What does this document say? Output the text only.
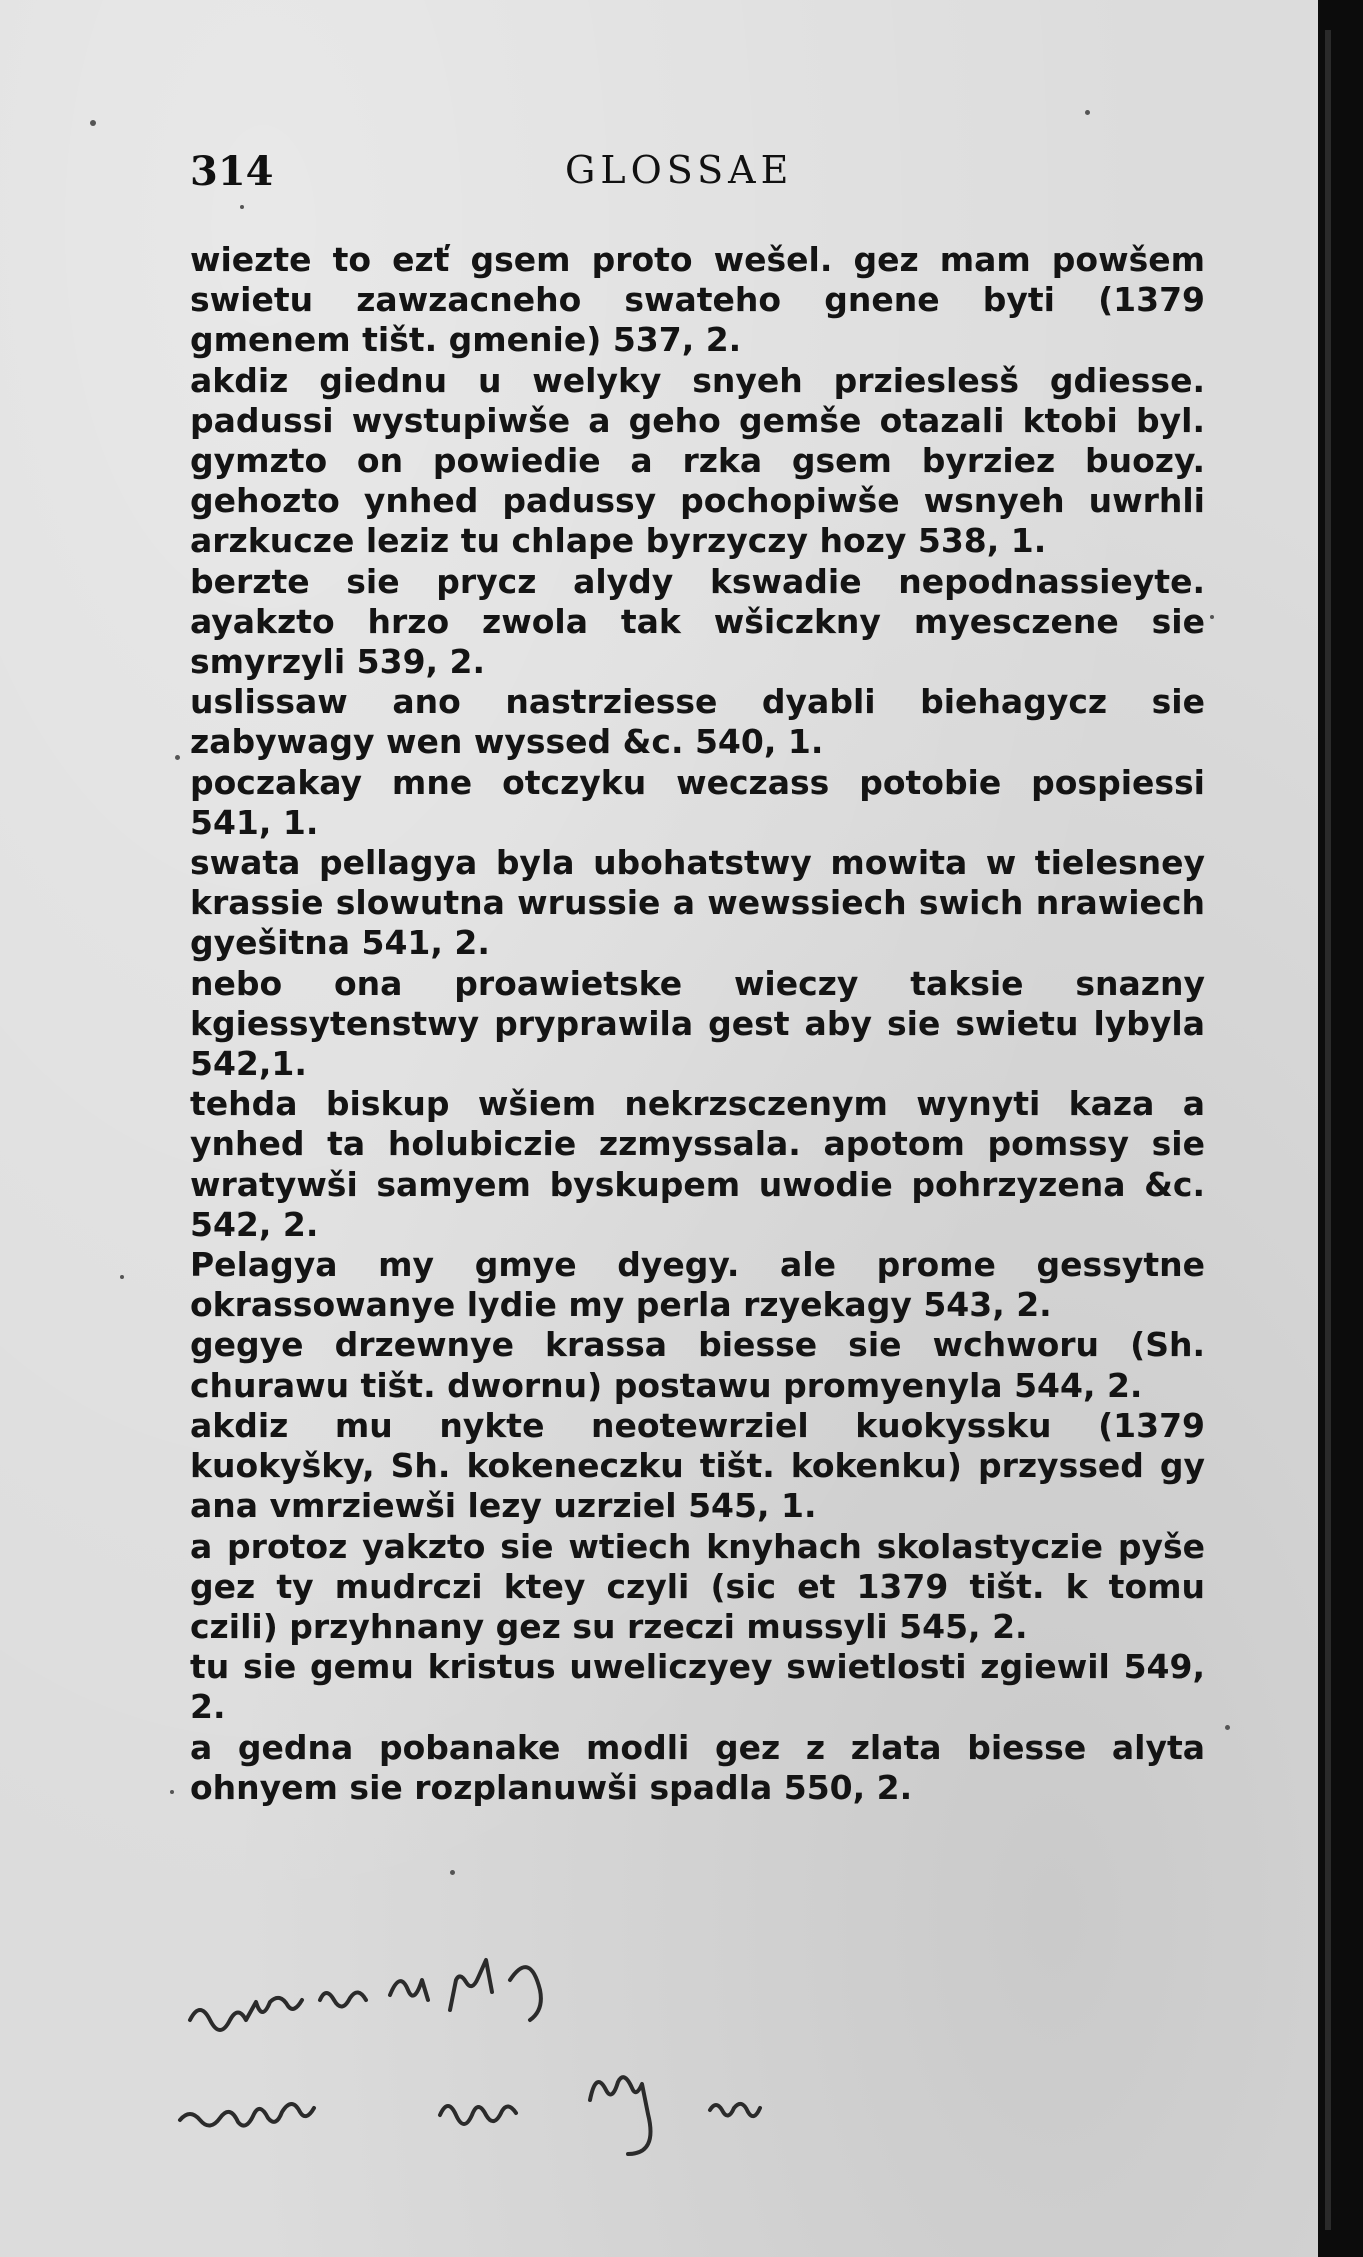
314	GLOSSAE

wiezte to ezť gsem proto wešel. gez mam powšem swietu zawzacneho swateho gnene byti (1379 gmenem tišt. gmenie) 537, 2.

akdiz giednu u welyky snyeh przieslesš gdiesse. padussi wystupiwše a geho gemše otazali ktobi byl. gymzto on powiedie a rzka gsem byrziez buozy. gehozto ynhed padussy pochopiwše wsnyeh uwrhli arzkucze leziz tu chlape byrzyczy hozy 538, 1.

berzte sie prycz alydy kswadie nepodnassieyte. ayakzto hrzo zwola tak wšiczkny myesczene sie smyrzyli 539, 2.

uslissaw ano nastrziesse dyabli biehagycz sie zabywagy wen wyssed &c. 540, 1.

poczakay mne otczyku weczass potobie pospiessi 541, 1.

swata pellagya byla ubohatstwy mowita w tielesney krassie slowutna wrussie a wewssiech swich nrawiech gyešitna 541, 2.

nebo ona proawietske wieczy taksie snazny kgiessytenstwy pryprawila gest aby sie swietu lybyla 542,1.

tehda biskup wšiem nekrzsczenym wynyti kaza a ynhed ta holubiczie zzmyssala. apotom pomssy sie wratywši samyem byskupem uwodie pohrzyzena &c. 542, 2.

Pelagya my gmye dyegy. ale prome gessytne okrassowanye lydie my perla rzyekagy 543, 2.

gegye drzewnye krassa biesse sie wchworu (Sh. churawu tišt. dwornu) postawu promyenyla 544, 2.

akdiz mu nykte neotewrziel kuokyssku (1379 kuokyšky, Sh. kokeneczku tišt. kokenku) przyssed gy ana vmrziewši lezy uzrziel 545, 1.

a protoz yakzto sie wtiech knyhach skolastyczie pyše gez ty mudrczi ktey czyli (sic et 1379 tišt. k tomu czili) przyhnany gez su rzeczi mussyli 545, 2.

tu sie gemu kristus uweliczyey swietlosti zgiewil 549, 2.

a gedna pobanake modli gez z zlata biesse alyta ohnyem sie rozplanuwši spadla 550, 2.
